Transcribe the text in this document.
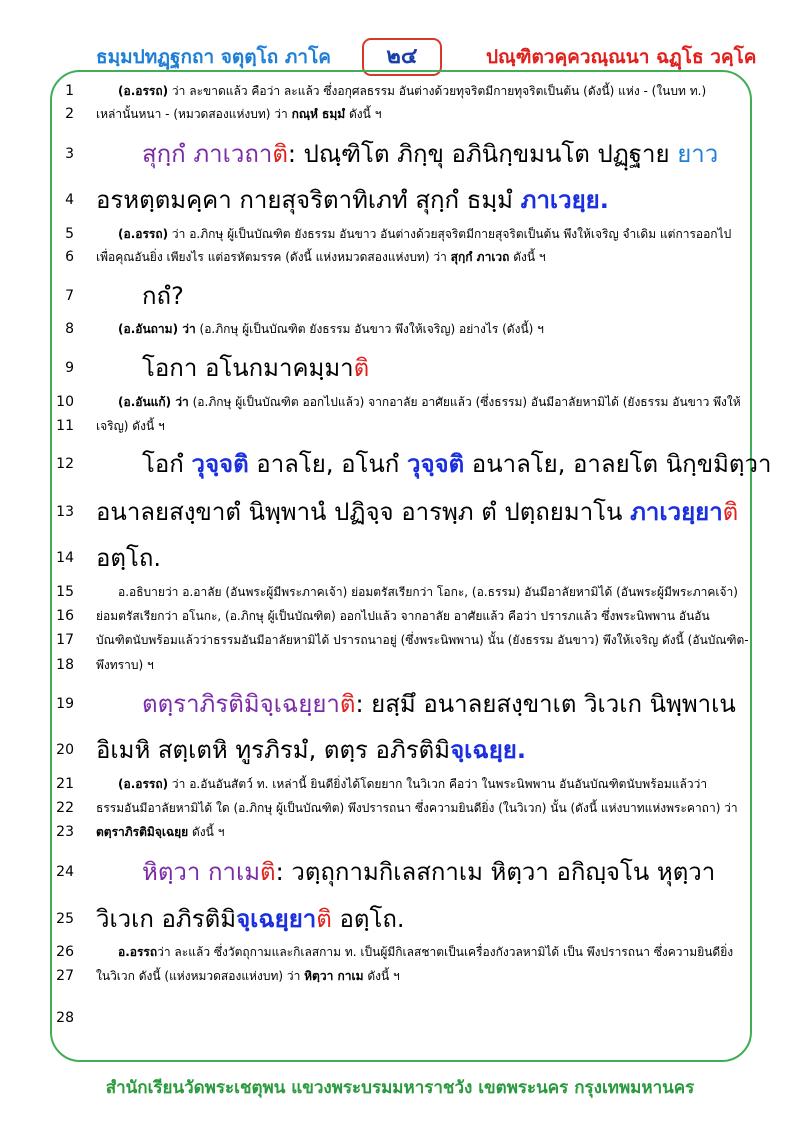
ธมฺมปทฏฺฐกถา จตุตฺโถ ภาโค	๒๔	ปณฺฑิตวคฺควณฺณนา ฉฏฺโธ วคฺโค
1
2
3
4
5
6
7
8
9
10
11
12
13
14
15
16
17
18
19
20
21
22
23
24
25
26
27
28
(อ.อรรถ) ว่า ละขาดแล้ว คือว่า ละแล้ว ซึ่งอกุศลธรรม อันต่างด้วยทุจริตมีกายทุจริตเป็นต้น (ดังนี้) แห่ง - (ในบท ท.)
เหล่านั้นหนา - (หมวดสองแห่งบท) ว่า กณฺหํ ธมฺมํ ดังนี้ ฯ
สุกฺกํ ภาเวถาติ: ปณฺฑิโต ภิกฺขุ อภินิกฺขมนโต ปฏฺฐาย ยาว
อรหตฺตมคฺคา กายสุจริตาทิเภทํ สุกฺกํ ธมฺมํ ภาเวยฺย.
(อ.อรรถ) ว่า อ.ภิกษุ ผู้เป็นบัณฑิต ยังธรรม อันขาว อันต่างด้วยสุจริตมีกายสุจริตเป็นต้น พึงให้เจริญ จำเดิม แต่การออกไป
เพื่อคุณอันยิ่ง เพียงไร แต่อรหัตมรรค (ดังนี้ แห่งหมวดสองแห่งบท) ว่า สุกฺกํ ภาเวถ ดังนี้ ฯ
กถํ?
(อ.อันถาม) ว่า (อ.ภิกษุ ผู้เป็นบัณฑิต ยังธรรม อันขาว พึงให้เจริญ) อย่างไร (ดังนี้) ฯ
โอกา อโนกมาคมฺมาติ
(อ.อันแก้) ว่า (อ.ภิกษุ ผู้เป็นบัณฑิต ออกไปแล้ว) จากอาลัย อาศัยแล้ว (ซึ่งธรรม) อันมีอาลัยหามิได้ (ยังธรรม อันขาว พึงให้
เจริญ) ดังนี้ ฯ
โอกํ วุจฺจติ อาลโย, อโนกํ วุจฺจติ อนาลโย, อาลยโต นิกฺขมิตฺวา
อนาลยสงฺขาตํ นิพฺพานํ ปฏิจฺจ อารพฺภ ตํ ปตฺถยมาโน ภาเวยฺยาติ
อตฺโถ.
อ.อธิบายว่า อ.อาลัย (อันพระผู้มีพระภาคเจ้า) ย่อมตรัสเรียกว่า โอกะ, (อ.ธรรม) อันมีอาลัยหามิได้ (อันพระผู้มีพระภาคเจ้า)
ย่อมตรัสเรียกว่า อโนกะ, (อ.ภิกษุ ผู้เป็นบัณฑิต) ออกไปแล้ว จากอาลัย อาศัยแล้ว คือว่า ปรารภแล้ว ซึ่งพระนิพพาน อันอัน
บัณฑิตนับพร้อมแล้วว่าธรรมอันมีอาลัยหามิได้ ปรารถนาอยู่ (ซึ่งพระนิพพาน) นั้น (ยังธรรม อันขาว) พึงให้เจริญ ดังนี้ (อันบัณฑิต-
พึงทราบ) ฯ
ตตฺราภิรติมิจฺเฉยฺยาติ: ยสฺมึ อนาลยสงฺขาเต วิเวเก นิพฺพาเน
อิเมหิ สตฺเตหิ ทูรภิรมํ, ตตฺร อภิรติมิจฺเฉยฺย.
(อ.อรรถ) ว่า อ.อันอันสัตว์ ท. เหล่านี้ ยินดียิ่งได้โดยยาก ในวิเวก คือว่า ในพระนิพพาน อันอันบัณฑิตนับพร้อมแล้วว่า
ธรรมอันมีอาลัยหามิได้ ใด (อ.ภิกษุ ผู้เป็นบัณฑิต) พึงปรารถนา ซึ่งความยินดียิ่ง (ในวิเวก) นั้น (ดังนี้ แห่งบาทแห่งพระคาถา) ว่า
ตตฺราภิรติมิจฺเฉยฺย ดังนี้ ฯ
หิตฺวา กาเมติ: วตฺถุกามกิเลสกาเม หิตฺวา อกิญฺจโน หุตฺวา
วิเวเก อภิรติมิจฺเฉยฺยาติ อตฺโถ.
อ.อรรถว่า ละแล้ว ซึ่งวัตถุกามและกิเลสกาม ท. เป็นผู้มีกิเลสชาตเป็นเครื่องกังวลหามิได้ เป็น พึงปรารถนา ซึ่งความยินดียิ่ง
ในวิเวก ดังนี้ (แห่งหมวดสองแห่งบท) ว่า หิตฺวา กาเม ดังนี้ ฯ
สำนักเรียนวัดพระเชตุพน แขวงพระบรมมหาราชวัง เขตพระนคร กรุงเทพมหานคร
